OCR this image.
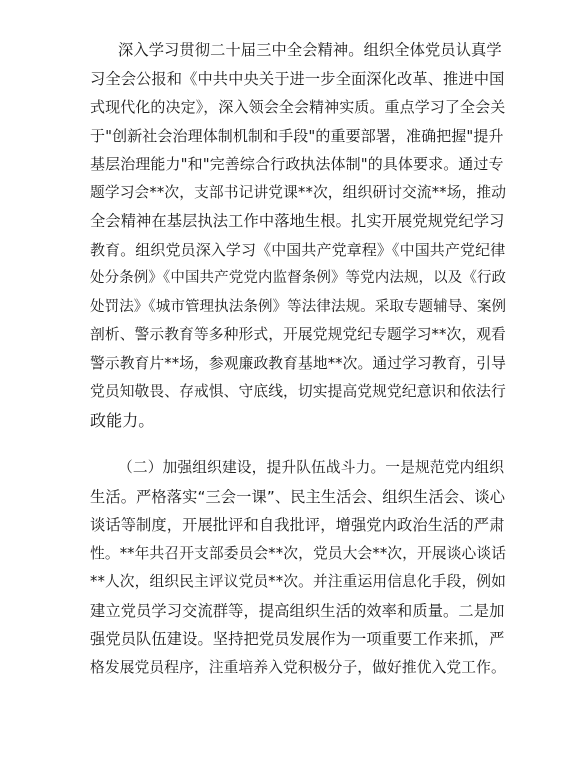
深入学习贯彻二十届三中全会精神。组织全体党员认真学
习全会公报和《中共中央关于进一步全面深化改革、推进中国
式现代化的决定》，深入领会全会精神实质。重点学习了全会关
于"创新社会治理体制机制和手段"的重要部署，准确把握"提升
基层治理能力"和"完善综合行政执法体制"的具体要求。通过专
题学习会**次，支部书记讲党课**次，组织研讨交流**场，推动
全会精神在基层执法工作中落地生根。扎实开展党规党纪学习
教育。组织党员深入学习《中国共产党章程》《中国共产党纪律
处分条例》《中国共产党党内监督条例》等党内法规，以及《行政
处罚法》《城市管理执法条例》等法律法规。采取专题辅导、案例
剖析、警示教育等多种形式，开展党规党纪专题学习**次，观看
警示教育片**场，参观廉政教育基地**次。通过学习教育，引导
党员知敬畏、存戒惧、守底线，切实提高党规党纪意识和依法行
政能力。
（二）加强组织建设，提升队伍战斗力。一是规范党内组织
生活。严格落实“三会一课”、民主生活会、组织生活会、谈心
谈话等制度，开展批评和自我批评，增强党内政治生活的严肃
性。**年共召开支部委员会**次，党员大会**次，开展谈心谈话
**人次，组织民主评议党员**次。并注重运用信息化手段，例如
建立党员学习交流群等，提高组织生活的效率和质量。二是加
强党员队伍建设。坚持把党员发展作为一项重要工作来抓，严
格发展党员程序，注重培养入党积极分子，做好推优入党工作。
